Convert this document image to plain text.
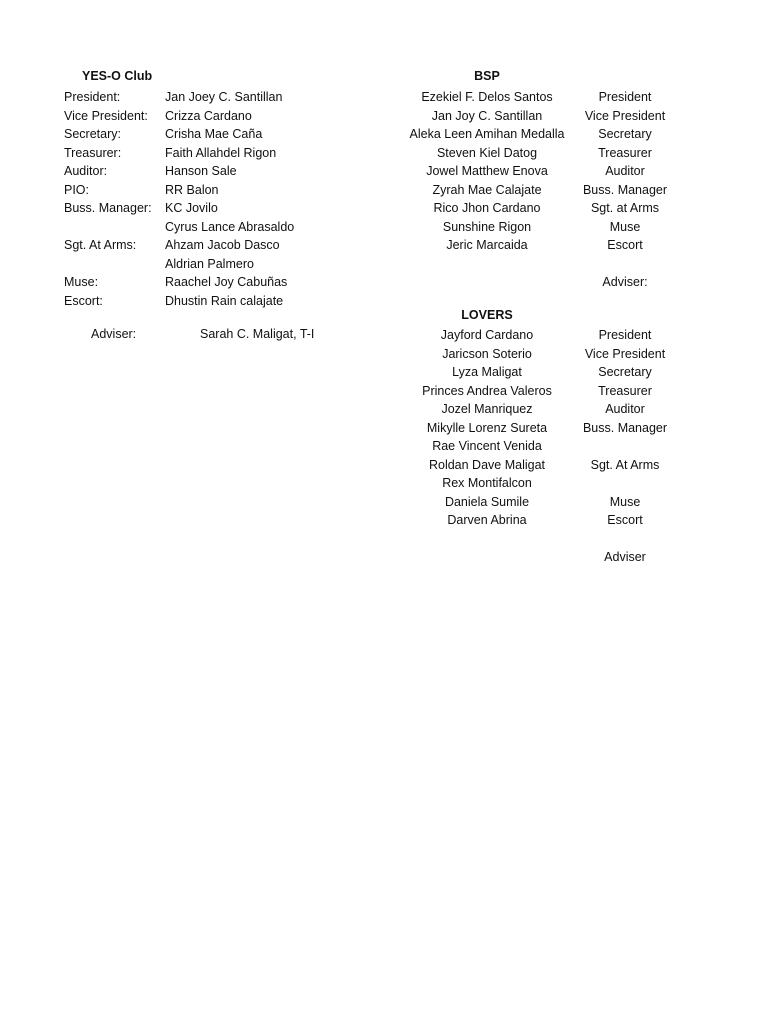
YES-O Club
President:	Jan Joey C. Santillan
Vice President: Crizza Cardano
Secretary:	Crisha Mae Caña
Treasurer:	Faith Allahdel Rigon
Auditor:	Hanson Sale
PIO:	RR Balon
Buss. Manager: KC Jovilo
Cyrus Lance Abrasaldo
Sgt. At Arms: Ahzam Jacob Dasco
Aldrian Palmero
Muse:	Raachel Joy Cabuñas
Escort:	Dhustin Rain calajate
Adviser:	Sarah C. Maligat, T-I
BSP
Ezekiel F. Delos Santos	President
Jan Joy C. Santillan	Vice President
Aleka Leen Amihan Medalla	Secretary
Steven Kiel Datog	Treasurer
Jowel Matthew Enova	Auditor
Zyrah Mae Calajate	Buss. Manager
Rico Jhon Cardano	Sgt. at Arms
Sunshine Rigon	Muse
Jeric Marcaida	Escort
Adviser:
LOVERS
Jayford Cardano	President
Jaricson Soterio	Vice President
Lyza Maligat	Secretary
Princes Andrea Valeros	Treasurer
Jozel Manriquez	Auditor
Mikylle Lorenz Sureta	Buss. Manager
Rae Vincent Venida
Roldan Dave Maligat	Sgt. At Arms
Rex Montifalcon
Daniela Sumile	Muse
Darven Abrina	Escort
Adviser
